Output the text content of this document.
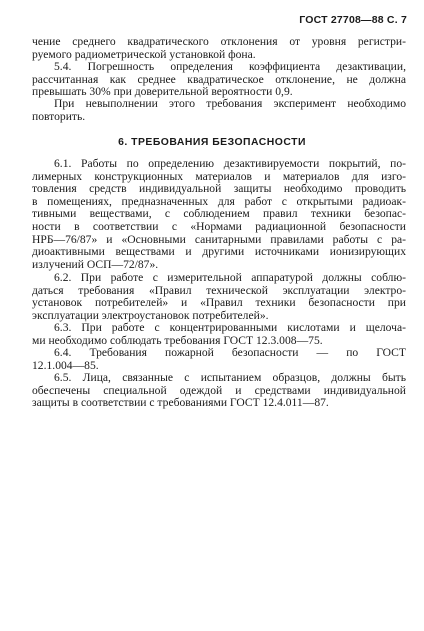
ГОСТ 27708—88 С. 7
чение среднего квадратического отклонения от уровня регистри-
руемого радиометрической установкой фона.
5.4. Погрешность определения коэффициента дезактивации,
рассчитанная как среднее квадратическое отклонение, не должна
превышать 30% при доверительной вероятности 0,9.
При невыполнении этого требования эксперимент необходимо
повторить.
6. ТРЕБОВАНИЯ БЕЗОПАСНОСТИ
6.1. Работы по определению дезактивируемости покрытий, по-
лимерных конструкционных материалов и материалов для изго-
товления средств индивидуальной защиты необходимо проводить
в помещениях, предназначенных для работ с открытыми радиоак-
тивными веществами, с соблюдением правил техники безопас-
ности в соответствии с «Нормами радиационной безопасности
НРБ—76/87» и «Основными санитарными правилами работы с ра-
диоактивными веществами и другими источниками ионизирующих
излучений ОСП—72/87».
6.2. При работе с измерительной аппаратурой должны соблю-
даться требования «Правил технической эксплуатации электро-
установок потребителей» и «Правил техники безопасности при
эксплуатации электроустановок потребителей».
6.3. При работе с концентрированными кислотами и щелоча-
ми необходимо соблюдать требования ГОСТ 12.3.008—75.
6.4. Требования пожарной безопасности — по ГОСТ
12.1.004—85.
6.5. Лица, связанные с испытанием образцов, должны быть
обеспечены специальной одеждой и средствами индивидуальной
защиты в соответствии с требованиями ГОСТ 12.4.011—87.
